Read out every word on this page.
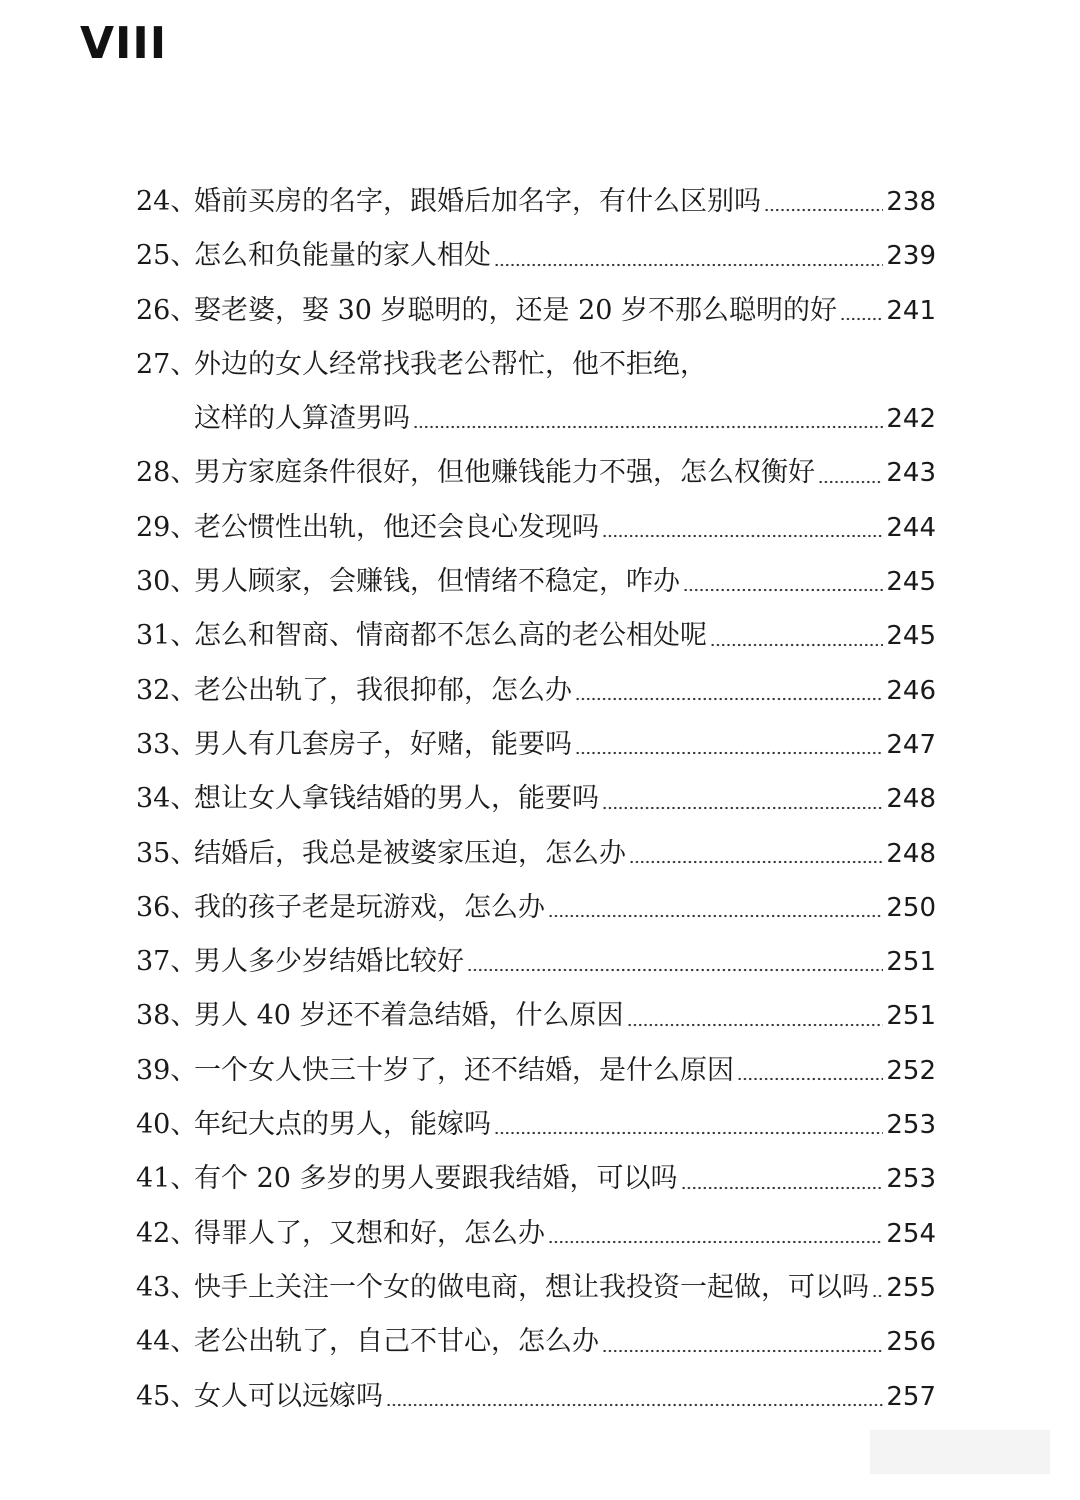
VIII
24、
婚前买房的名字，跟婚后加名字，有什么区别吗	238
25、
怎么和负能量的家人相处	239
26、
娶老婆，娶 30 岁聪明的，还是 20 岁不那么聪明的好 241
27、
外边的女人经常找我老公帮忙，他不拒绝，
这样的人算渣男吗	242
28、
男方家庭条件很好，但他赚钱能力不强，怎么权衡好	243
29、
老公惯性出轨，他还会良心发现吗	244
30、
男人顾家，会赚钱，但情绪不稳定，咋办	245
31、
怎么和智商、情商都不怎么高的老公相处呢	245
32、
老公出轨了，我很抑郁，怎么办	246
33、
男人有几套房子，好赌，能要吗	247
34、
想让女人拿钱结婚的男人，能要吗	248
35、
结婚后，我总是被婆家压迫，怎么办	248
36、
我的孩子老是玩游戏，怎么办	250
37、
男人多少岁结婚比较好	251
38、
男人 40 岁还不着急结婚，什么原因	251
39、
一个女人快三十岁了，还不结婚，是什么原因	252
40、
年纪大点的男人，能嫁吗	253
41、
有个 20 多岁的男人要跟我结婚，可以吗	253
42、
得罪人了，又想和好，怎么办	254
43、
快手上关注一个女的做电商，想让我投资一起做，可以吗 255
44、
老公出轨了，自己不甘心，怎么办	256
45、
女人可以远嫁吗	257
